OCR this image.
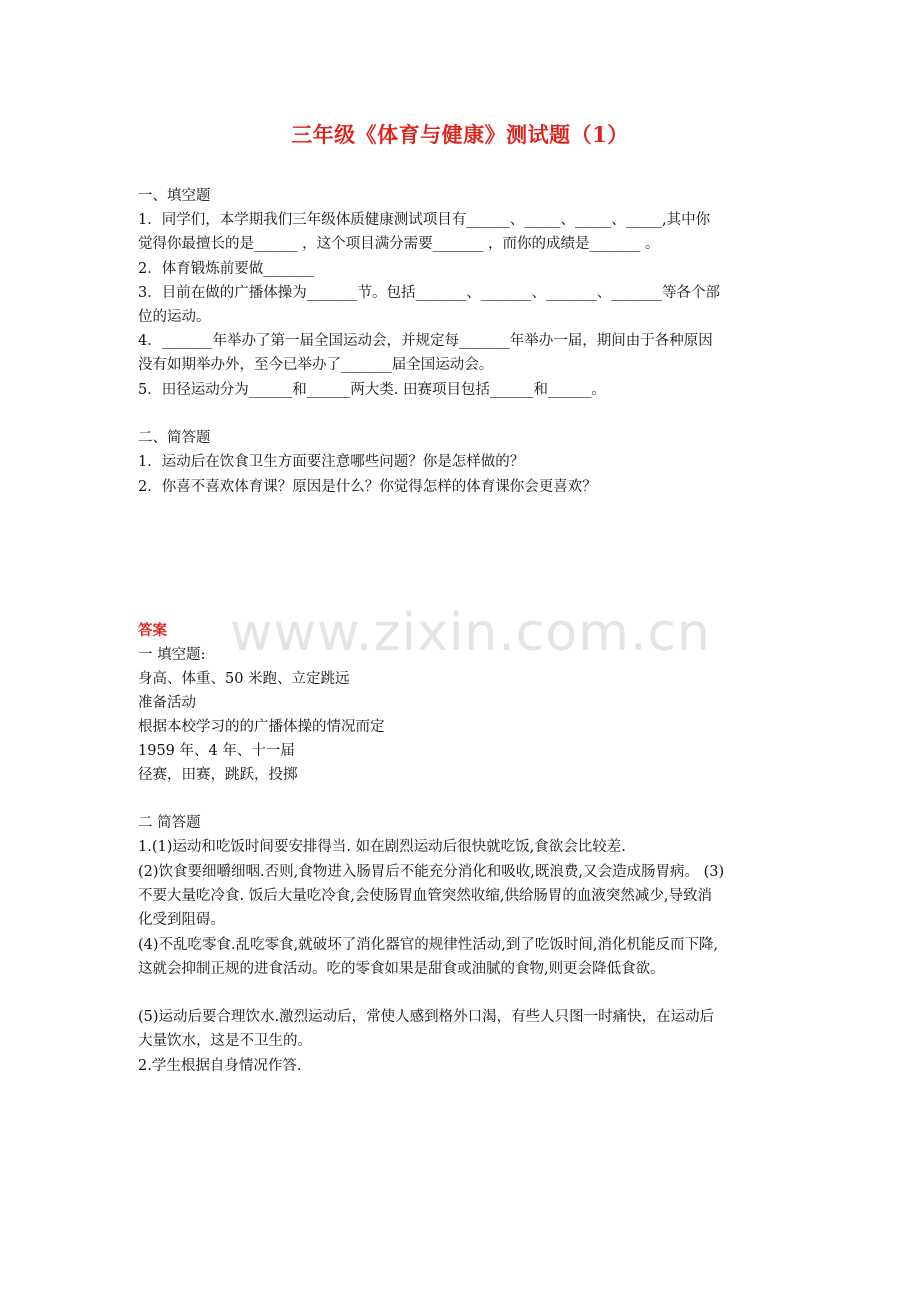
三年级《体育与健康》测试题（1）
一、填空题
1．同学们，本学期我们三年级体质健康测试项目有______、_____、_____、_____,其中你
觉得你最擅长的是______ ，这个项目满分需要_______ ，而你的成绩是_______ 。
2．体育锻炼前要做_______
3．目前在做的广播体操为_______节。包括_______、_______、_______、_______等各个部
位的运动。
4．_______年举办了第一届全国运动会，并规定每_______年举办一届，期间由于各种原因
没有如期举办外，至今已举办了_______届全国运动会。
5．田径运动分为______和______两大类. 田赛项目包括______和______。
二、简答题
1．运动后在饮食卫生方面要注意哪些问题？你是怎样做的？
2．你喜不喜欢体育课？原因是什么？你觉得怎样的体育课你会更喜欢？
答案
一 填空题:
身高、体重、50 米跑、立定跳远
准备活动
根据本校学习的的广播体操的情况而定
1959 年、4 年、十一届
径赛，田赛，跳跃，投掷
二 简答题
1.(1)运动和吃饭时间要安排得当. 如在剧烈运动后很快就吃饭,食欲会比较差.
(2)饮食要细嚼细咽.否则,食物进入肠胃后不能充分消化和吸收,既浪费,又会造成肠胃病。 (3)
不要大量吃冷食. 饭后大量吃冷食,会使肠胃血管突然收缩,供给肠胃的血液突然减少,导致消
化受到阻碍。
(4)不乱吃零食.乱吃零食,就破坏了消化器官的规律性活动,到了吃饭时间,消化机能反而下降,
这就会抑制正规的进食活动。吃的零食如果是甜食或油腻的食物,则更会降低食欲。
(5)运动后要合理饮水.激烈运动后，常使人感到格外口渴，有些人只图一时痛快，在运动后
大量饮水，这是不卫生的。
2.学生根据自身情况作答.
www.zixin.com.cn
